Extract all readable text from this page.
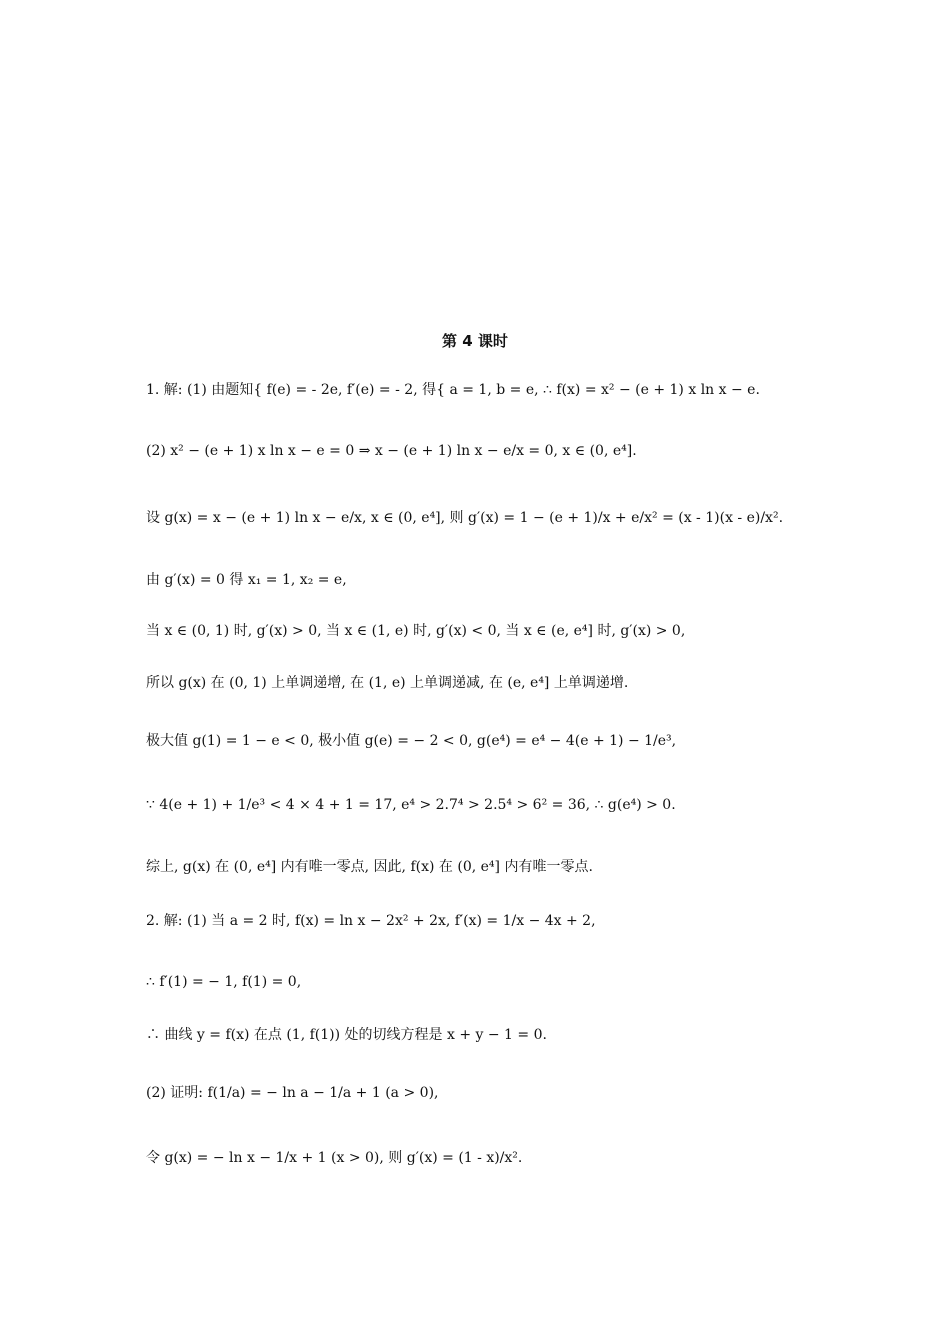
第 4 课时
1. 解: (1) 由题知{ f(e) = - 2e, f′(e) = - 2, 得{ a = 1, b = e, ∴ f(x) = x² − (e + 1) x ln x − e.
(2) x² − (e + 1) x ln x − e = 0 ⇒ x − (e + 1) ln x − e/x = 0, x ∈ (0, e⁴].
设 g(x) = x − (e + 1) ln x − e/x, x ∈ (0, e⁴], 则 g′(x) = 1 − (e + 1)/x + e/x² = (x - 1)(x - e)/x².
由 g′(x) = 0 得 x₁ = 1, x₂ = e,
当 x ∈ (0, 1) 时, g′(x) > 0, 当 x ∈ (1, e) 时, g′(x) < 0, 当 x ∈ (e, e⁴] 时, g′(x) > 0,
所以 g(x) 在 (0, 1) 上单调递增, 在 (1, e) 上单调递减, 在 (e, e⁴] 上单调递增.
极大值 g(1) = 1 − e < 0, 极小值 g(e) = − 2 < 0, g(e⁴) = e⁴ − 4(e + 1) − 1/e³,
∵ 4(e + 1) + 1/e³ < 4 × 4 + 1 = 17, e⁴ > 2.7⁴ > 2.5⁴ > 6² = 36, ∴ g(e⁴) > 0.
综上, g(x) 在 (0, e⁴] 内有唯一零点, 因此, f(x) 在 (0, e⁴] 内有唯一零点.
2. 解: (1) 当 a = 2 时, f(x) = ln x − 2x² + 2x, f′(x) = 1/x − 4x + 2,
∴ f′(1) = − 1, f(1) = 0,
∴ 曲线 y = f(x) 在点 (1, f(1)) 处的切线方程是 x + y − 1 = 0.
(2) 证明: f(1/a) = − ln a − 1/a + 1 (a > 0),
令 g(x) = − ln x − 1/x + 1 (x > 0), 则 g′(x) = (1 - x)/x².
